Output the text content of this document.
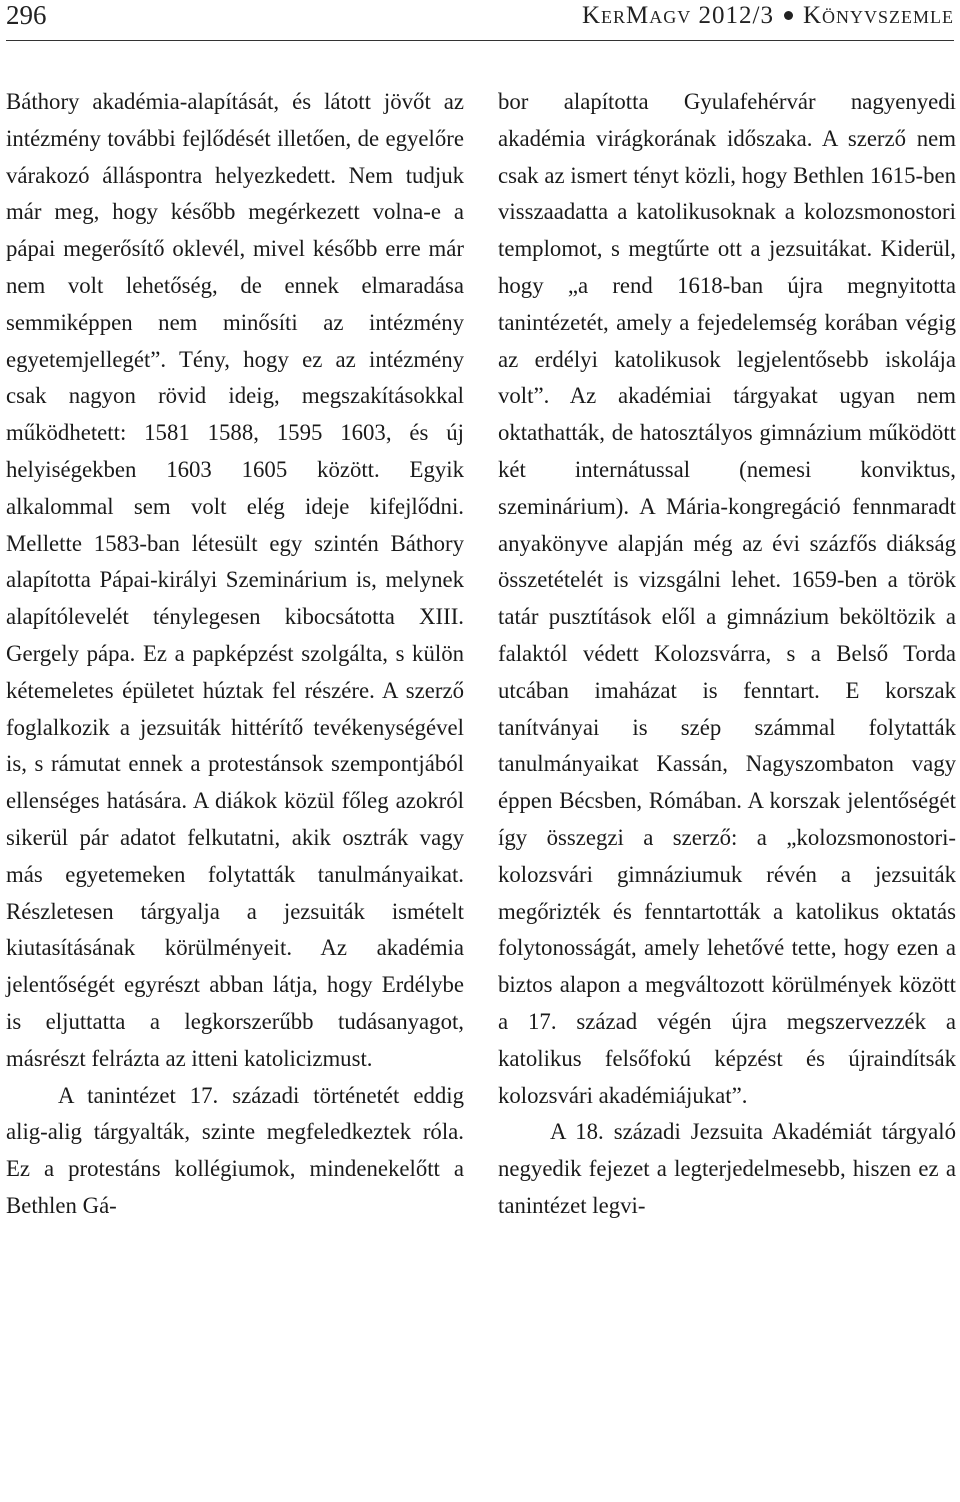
296	KerMagv 2012/3 Könyvszemle

Báthory akadémia-alapítását, és látott jövőt az intézmény további fejlődését illetően, de egyelőre várakozó álláspontra helyezkedett. Nem tudjuk már meg, hogy később megérkezett volna-e a pápai megerősítő oklevél, mivel később erre már nem volt lehetőség, de ennek elmaradása semmiképpen nem minősíti az intézmény egyetemjellegét”. Tény, hogy ez az intézmény csak nagyon rövid ideig, megszakításokkal működhetett: 1581 1588, 1595 1603, és új helyiségekben 1603 1605 között. Egyik alkalommal sem volt elég ideje kifejlődni. Mellette 1583-ban létesült egy szintén Báthory alapította Pápai-királyi Szeminárium is, melynek alapítólevelét ténylegesen kibocsátotta XIII. Gergely pápa. Ez a papképzést szolgálta, s külön kétemeletes épületet húztak fel részére. A szerző foglalkozik a jezsuiták hittérítő tevékenységével is, s rámutat ennek a protestánsok szempontjából ellenséges hatására. A diákok közül főleg azokról sikerül pár adatot felkutatni, akik osztrák vagy más egyetemeken folytatták tanulmányaikat. Részletesen tárgyalja a jezsuiták ismételt kiutasításának körülményeit. Az akadémia jelentőségét egyrészt abban látja, hogy Erdélybe is eljuttatta a legkorszerűbb tudásanyagot, másrészt felrázta az itteni katolicizmust.

A tanintézet 17. századi történetét eddig alig-alig tárgyalták, szinte megfeledkeztek róla. Ez a protestáns kollégiumok, mindenekelőtt a Bethlen Gá-

bor alapította Gyulafehérvár nagyenyedi akadémia virágkorának időszaka. A szerző nem csak az ismert tényt közli, hogy Bethlen 1615-ben visszaadatta a katolikusoknak a kolozsmonostori templomot, s megtűrte ott a jezsuitákat. Kiderül, hogy „a rend 1618-ban újra megnyitotta tanintézetét, amely a fejedelemség korában végig az erdélyi katolikusok legjelentősebb iskolája volt”. Az akadémiai tárgyakat ugyan nem oktathatták, de hatosztályos gimnázium működött két internátussal (nemesi konviktus, szeminárium). A Mária-kongregáció fennmaradt anyakönyve alapján még az évi százfős diákság összetételét is vizsgálni lehet. 1659-ben a török tatár pusztítások elől a gimnázium beköltözik a falaktól védett Kolozsvárra, s a Belső Torda utcában imaházat is fenntart. E korszak tanítványai is szép számmal folytatták tanulmányaikat Kassán, Nagyszombaton vagy éppen Bécsben, Rómában. A korszak jelentőségét így összegzi a szerző: a „kolozsmonostori-kolozsvári gimnáziumuk révén a jezsuiták megőrizték és fenntartották a katolikus oktatás folytonosságát, amely lehetővé tette, hogy ezen a biztos alapon a megváltozott körülmények között a 17. század végén újra megszervezzék a katolikus felsőfokú képzést és újraindítsák kolozsvári akadémiájukat”.

A 18. századi Jezsuita Akadémiát tárgyaló negyedik fejezet a legterjedelmesebb, hiszen ez a tanintézet legvi-
